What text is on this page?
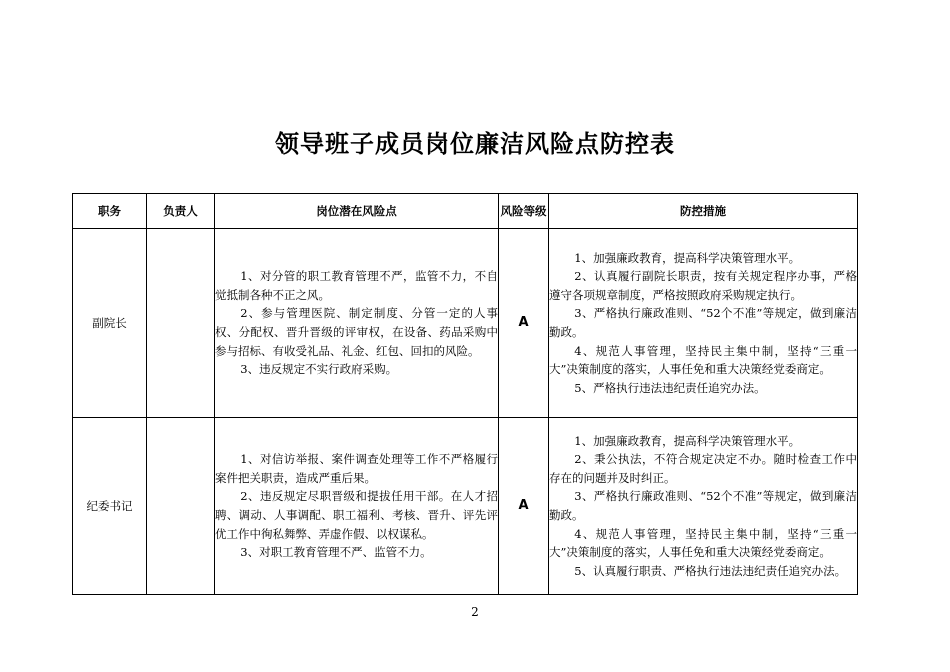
领导班子成员岗位廉洁风险点防控表
职务	负责人	岗位潜在风险点	风险等级	防控措施
副院长		1、对分管的职工教育管理不严，监管不力，不自觉抵制各种不正之风。
2、参与管理医院、制定制度、分管一定的人事权、分配权、晋升晋级的评审权，在设备、药品采购中参与招标、有收受礼品、礼金、红包、回扣的风险。
3、违反规定不实行政府采购。	A	1、加强廉政教育，提高科学决策管理水平。
2、认真履行副院长职责，按有关规定程序办事，严格遵守各项规章制度，严格按照政府采购规定执行。
3、严格执行廉政准则、“52个不准”等规定，做到廉洁勤政。
4、规范人事管理，坚持民主集中制，坚持“三重一大”决策制度的落实，人事任免和重大决策经党委商定。
5、严格执行违法违纪责任追究办法。

纪委书记		1、对信访举报、案件调查处理等工作不严格履行案件把关职责，造成严重后果。
2、违反规定尽职晋级和提拔任用干部。在人才招聘、调动、人事调配、职工福利、考核、晋升、评先评优工作中徇私舞弊、弄虚作假、以权谋私。
3、对职工教育管理不严、监管不力。	A	1、加强廉政教育，提高科学决策管理水平。
2、秉公执法，不符合规定决定不办。随时检查工作中存在的问题并及时纠正。
3、严格执行廉政准则、“52个不准”等规定，做到廉洁勤政。
4、规范人事管理，坚持民主集中制，坚持“三重一大”决策制度的落实，人事任免和重大决策经党委商定。
5、认真履行职责、严格执行违法违纪责任追究办法。
2
